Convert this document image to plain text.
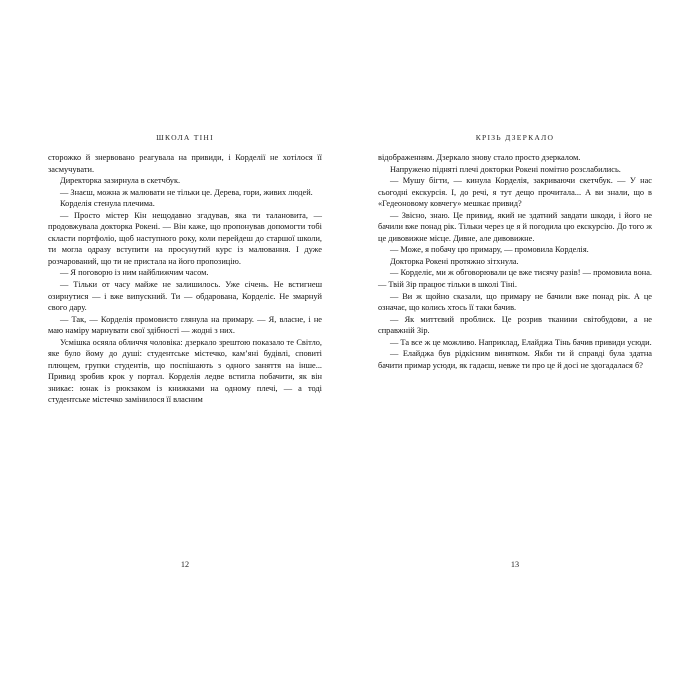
ШКОЛА ТІНІ

сторожко й знервовано реагувала на привиди, і Корделії не хотілося її засмучувати.

Директорка зазирнула в скетчбук.

— Знаєш, можна ж малювати не тільки це. Дерева, гори, живих людей.

Корделія стенула плечима.

— Просто містер Кін нещодавно згадував, яка ти талановита, — продовжувала докторка Рокені. — Він каже, що пропонував допомогти тобі скласти портфоліо, щоб наступного року, коли перейдеш до старшої школи, ти могла одразу вступити на просунутий курс із малювання. І дуже розчарований, що ти не пристала на його пропозицію.

— Я поговорю із ним найближчим часом.

— Тільки от часу майже не залишилось. Уже січень. Не встигнеш озирнутися — і вже випускний. Ти — обдарована, Корделіє. Не змарнуй свого дару.

— Так, — Корделія промовисто глянула на примару. — Я, власне, і не маю наміру марнувати свої здібності — жодні з них.

Усмішка осяяла обличчя чоловіка: дзеркало зрештою показало те Світло, яке було йому до душі: студентське містечко, кам’яні будівлі, сповиті плющем, групки студентів, що поспішають з одного заняття на інше... Привид зробив крок у портал. Корделія ледве встигла побачити, як він зникає: юнак із рюкзаком із книжками на одному плечі, — а тоді студентське містечко замінилося її власним

12
КРІЗЬ ДЗЕРКАЛО

відображенням. Дзеркало знову стало просто дзеркалом.

Напружено підняті плечі докторки Рокені помітно розслабились.

— Мушу бігти, — кинула Корделія, закриваючи скетчбук. — У нас сьогодні екскурсія. І, до речі, я тут дещо прочитала... А ви знали, що в «Гедеоновому ковчегу» мешкає привид?

— Звісно, знаю. Це привид, який не здатний завдати шкоди, і його не бачили вже понад рік. Тільки через це я й погодила цю екскурсію. До того ж це дивовижне місце. Дивне, але дивовижне.

— Може, я побачу цю примару, — промовила Корделія.

Докторка Рокені протяжно зітхнула.

— Корделіє, ми ж обговорювали це вже тисячу разів! — промовила вона. — Твій Зір працює тільки в школі Тіні.

— Ви ж щойно сказали, що примару не бачили вже понад рік. А це означає, що колись хтось її таки бачив.

— Як миттєвий проблиск. Це розрив тканини світобудови, а не справжній Зір.

— Та все ж це можливо. Наприклад, Елайджа Тінь бачив привиди усюди.

— Елайджа був рідкісним винятком. Якби ти й справді була здатна бачити примар усюди, як гадаєш, невже ти про це й досі не здогадалася б?

13
